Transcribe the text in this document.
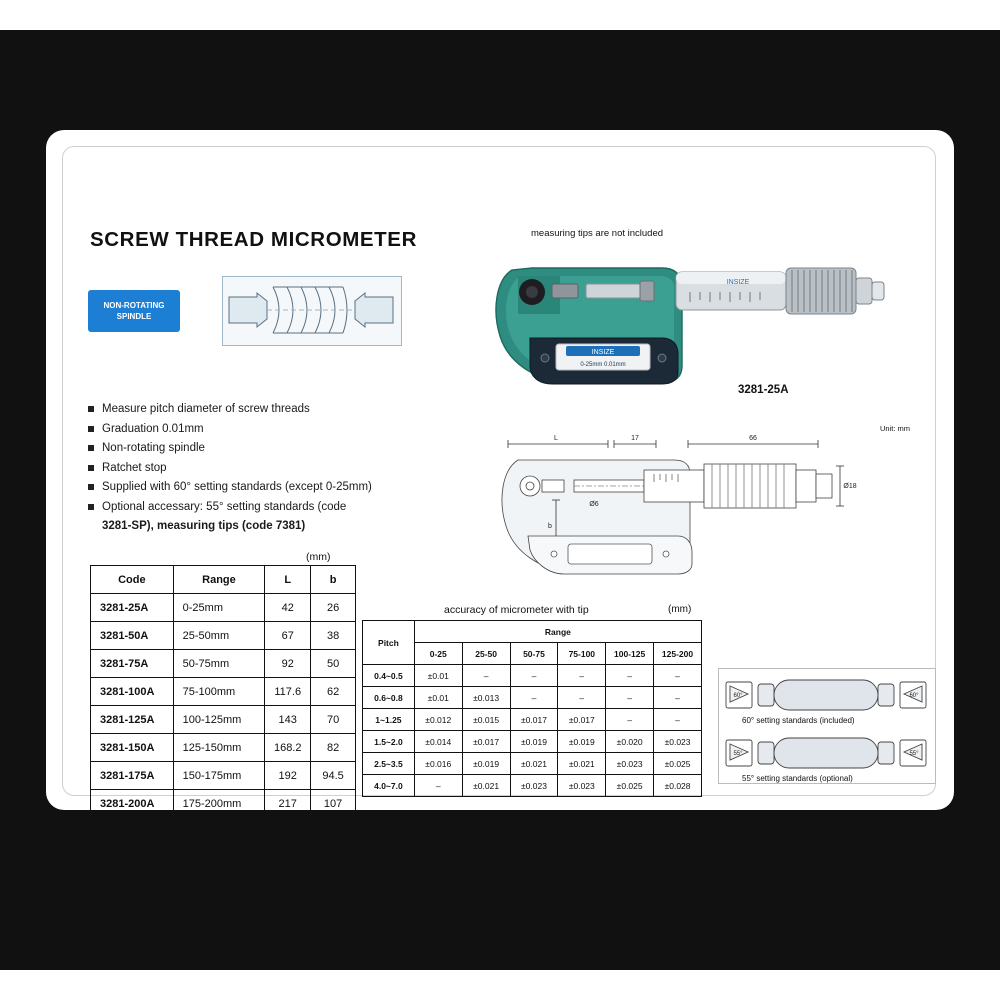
SCREW THREAD MICROMETER
NON-ROTATING
SPINDLE
Measure pitch diameter of screw threads
Graduation 0.01mm
Non-rotating spindle
Ratchet stop
Supplied with 60° setting standards (except 0-25mm)
Optional accessary: 55° setting standards (code
3281-SP), measuring tips (code 7381)
(mm)
Code	Range	L	b
3281-25A	0-25mm	42	26
3281-50A	25-50mm	67	38
3281-75A	50-75mm	92	50
3281-100A	75-100mm	117.6	62
3281-125A	100-125mm	143	70
3281-150A	125-150mm	168.2	82
3281-175A	150-175mm	192	94.5
3281-200A	175-200mm	217	107
accuracy of micrometer with tip	(mm)
Pitch	Range					
	0-25	25-50	50-75	75-100	100-125	125-200
0.4~0.5	±0.01	–	–	–	–	–
0.6~0.8	±0.01	±0.013	–	–	–	–
1~1.25	±0.012	±0.015	±0.017	±0.017	–	–
1.5~2.0	±0.014	±0.017	±0.019	±0.019	±0.020	±0.023
2.5~3.5	±0.016	±0.019	±0.021	±0.021	±0.023	±0.025
4.0~7.0	–	±0.021	±0.023	±0.023	±0.025	±0.028
measuring tips are not included
INSIZE
INSIZE
0-25mm 0.01mm
3281-25A
Unit: mm
L	17	66
Ø18
b
Ø6
60°	60°
60° setting standards (included)
55°	55°
55° setting standards (optional)
